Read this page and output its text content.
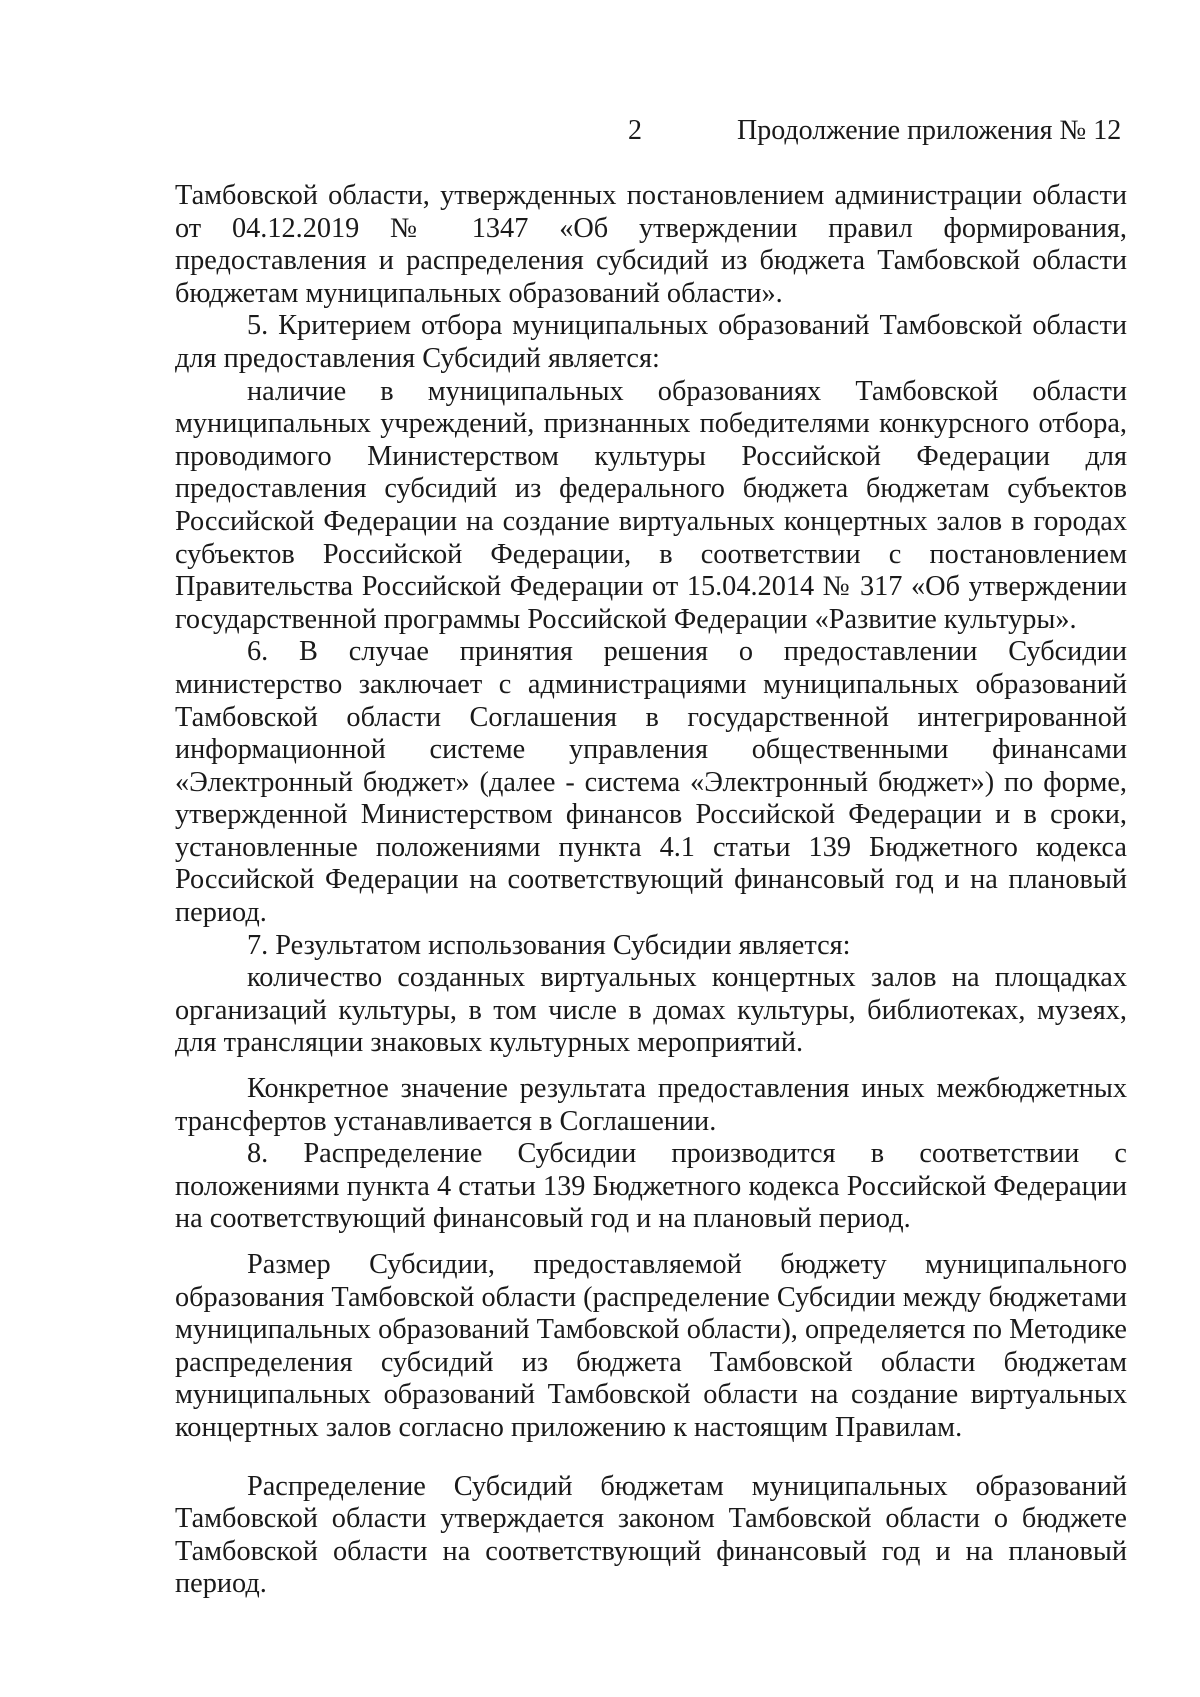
2	Продолжение приложения № 12

Тамбовской области, утвержденных постановлением администрации области от 04.12.2019 № 1347 «Об утверждении правил формирования, предоставления и распределения субсидий из бюджета Тамбовской области бюджетам муниципальных образований области».

5. Критерием отбора муниципальных образований Тамбовской области для предоставления Субсидий является:

наличие в муниципальных образованиях Тамбовской области муниципальных учреждений, признанных победителями конкурсного отбора, проводимого Министерством культуры Российской Федерации для предоставления субсидий из федерального бюджета бюджетам субъектов Российской Федерации на создание виртуальных концертных залов в городах субъектов Российской Федерации, в соответствии с постановлением Правительства Российской Федерации от 15.04.2014 № 317 «Об утверждении государственной программы Российской Федерации «Развитие культуры».

6. В случае принятия решения о предоставлении Субсидии министерство заключает с администрациями муниципальных образований Тамбовской области Соглашения в государственной интегрированной информационной системе управления общественными финансами «Электронный бюджет» (далее - система «Электронный бюджет») по форме, утвержденной Министерством финансов Российской Федерации и в сроки, установленные положениями пункта 4.1 статьи 139 Бюджетного кодекса Российской Федерации на соответствующий финансовый год и на плановый период.

7. Результатом использования Субсидии является:

количество созданных виртуальных концертных залов на площадках организаций культуры, в том числе в домах культуры, библиотеках, музеях, для трансляции знаковых культурных мероприятий.

Конкретное значение результата предоставления иных межбюджетных трансфертов устанавливается в Соглашении.

8. Распределение Субсидии производится в соответствии с положениями пункта 4 статьи 139 Бюджетного кодекса Российской Федерации на соответствующий финансовый год и на плановый период.

Размер Субсидии, предоставляемой бюджету муниципального образования Тамбовской области (распределение Субсидии между бюджетами муниципальных образований Тамбовской области), определяется по Методике распределения субсидий из бюджета Тамбовской области бюджетам муниципальных образований Тамбовской области на создание виртуальных концертных залов согласно приложению к настоящим Правилам.

Распределение Субсидий бюджетам муниципальных образований Тамбовской области утверждается законом Тамбовской области о бюджете Тамбовской области на соответствующий финансовый год и на плановый период.
